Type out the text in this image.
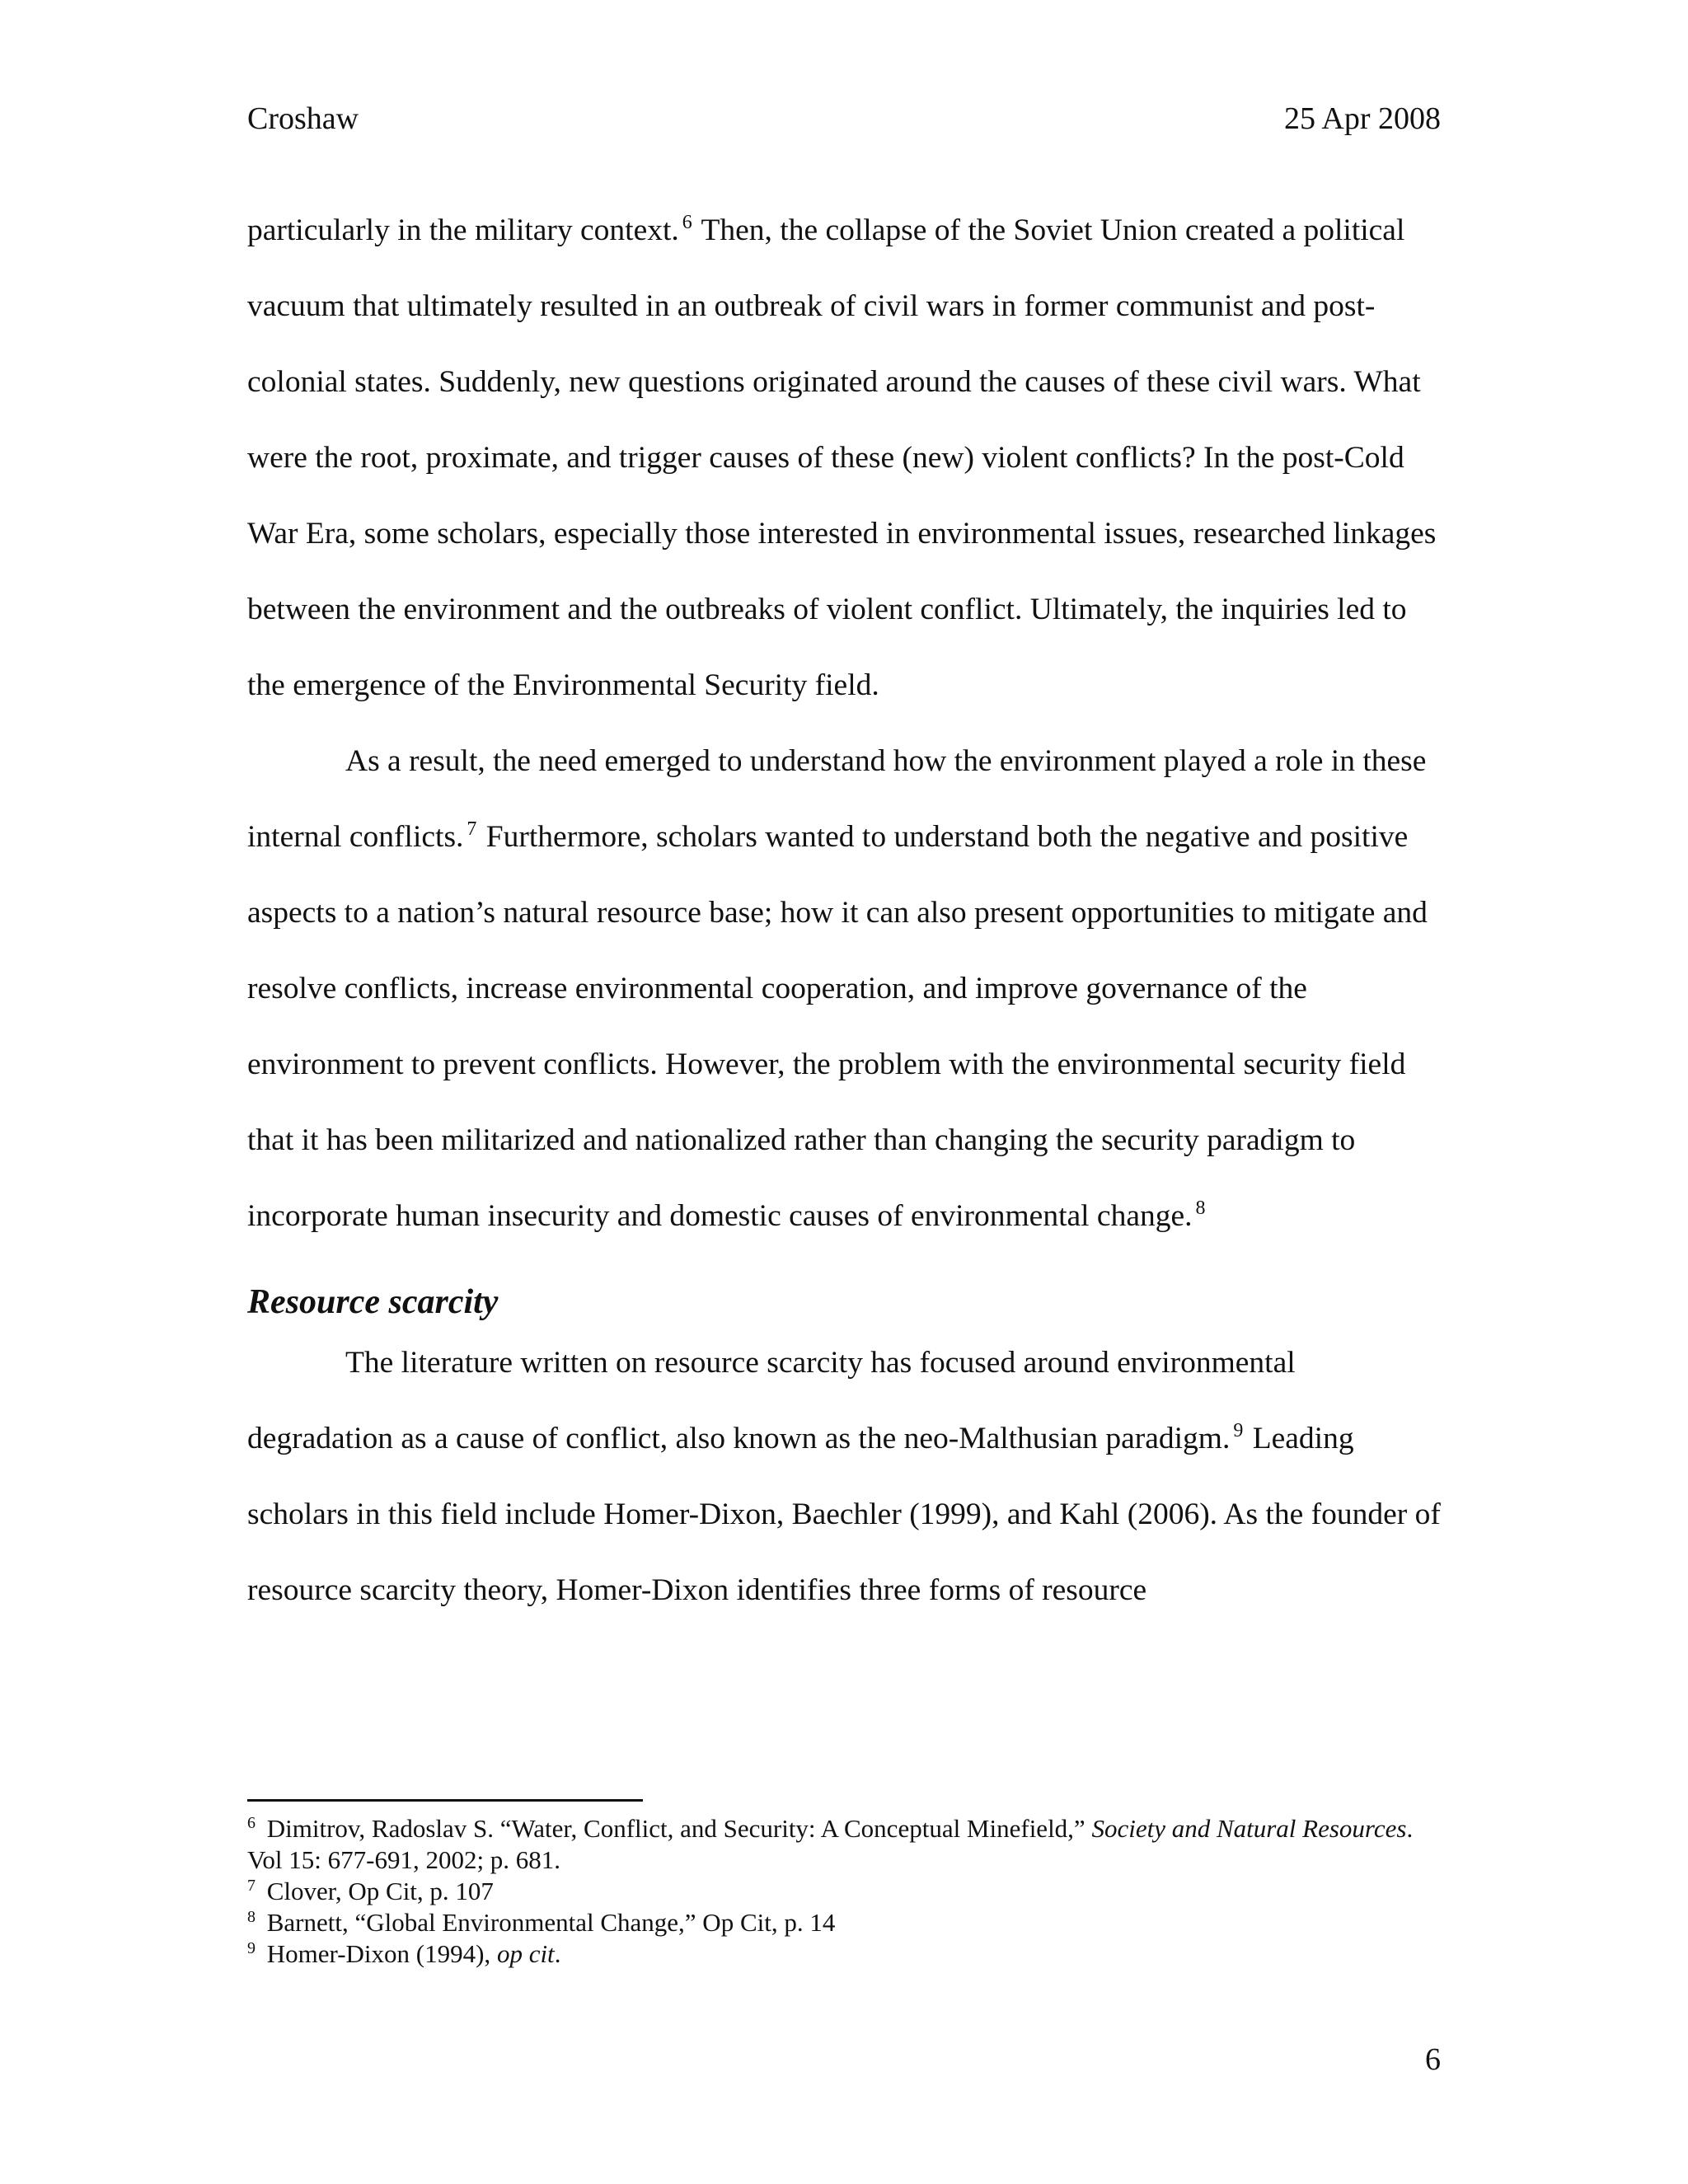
Croshaw	25 Apr 2008

particularly in the military context. $^6$ Then, the collapse of the Soviet Union created a political vacuum that ultimately resulted in an outbreak of civil wars in former communist and post-colonial states. Suddenly, new questions originated around the causes of these civil wars. What were the root, proximate, and trigger causes of these (new) violent conflicts? In the post-Cold War Era, some scholars, especially those interested in environmental issues, researched linkages between the environment and the outbreaks of violent conflict. Ultimately, the inquiries led to the emergence of the Environmental Security field.

As a result, the need emerged to understand how the environment played a role in these internal conflicts. $^7$ Furthermore, scholars wanted to understand both the negative and positive aspects to a nation’s natural resource base; how it can also present opportunities to mitigate and resolve conflicts, increase environmental cooperation, and improve governance of the environment to prevent conflicts. However, the problem with the environmental security field that it has been militarized and nationalized rather than changing the security paradigm to incorporate human insecurity and domestic causes of environmental change. $^8$

Resource scarcity

The literature written on resource scarcity has focused around environmental degradation as a cause of conflict, also known as the neo-Malthusian paradigm. $^9$ Leading scholars in this field include Homer-Dixon, Baechler (1999), and Kahl (2006). As the founder of resource scarcity theory, Homer-Dixon identifies three forms of resource

$^6$ Dimitrov, Radoslav S. “Water, Conflict, and Security: A Conceptual Minefield,” Society and Natural Resources. Vol 15: 677-691, 2002; p. 681.

$^7$ Clover, Op Cit, p. 107

$^8$ Barnett, “Global Environmental Change,” Op Cit, p. 14

$^9$ Homer-Dixon (1994), op cit.

6
